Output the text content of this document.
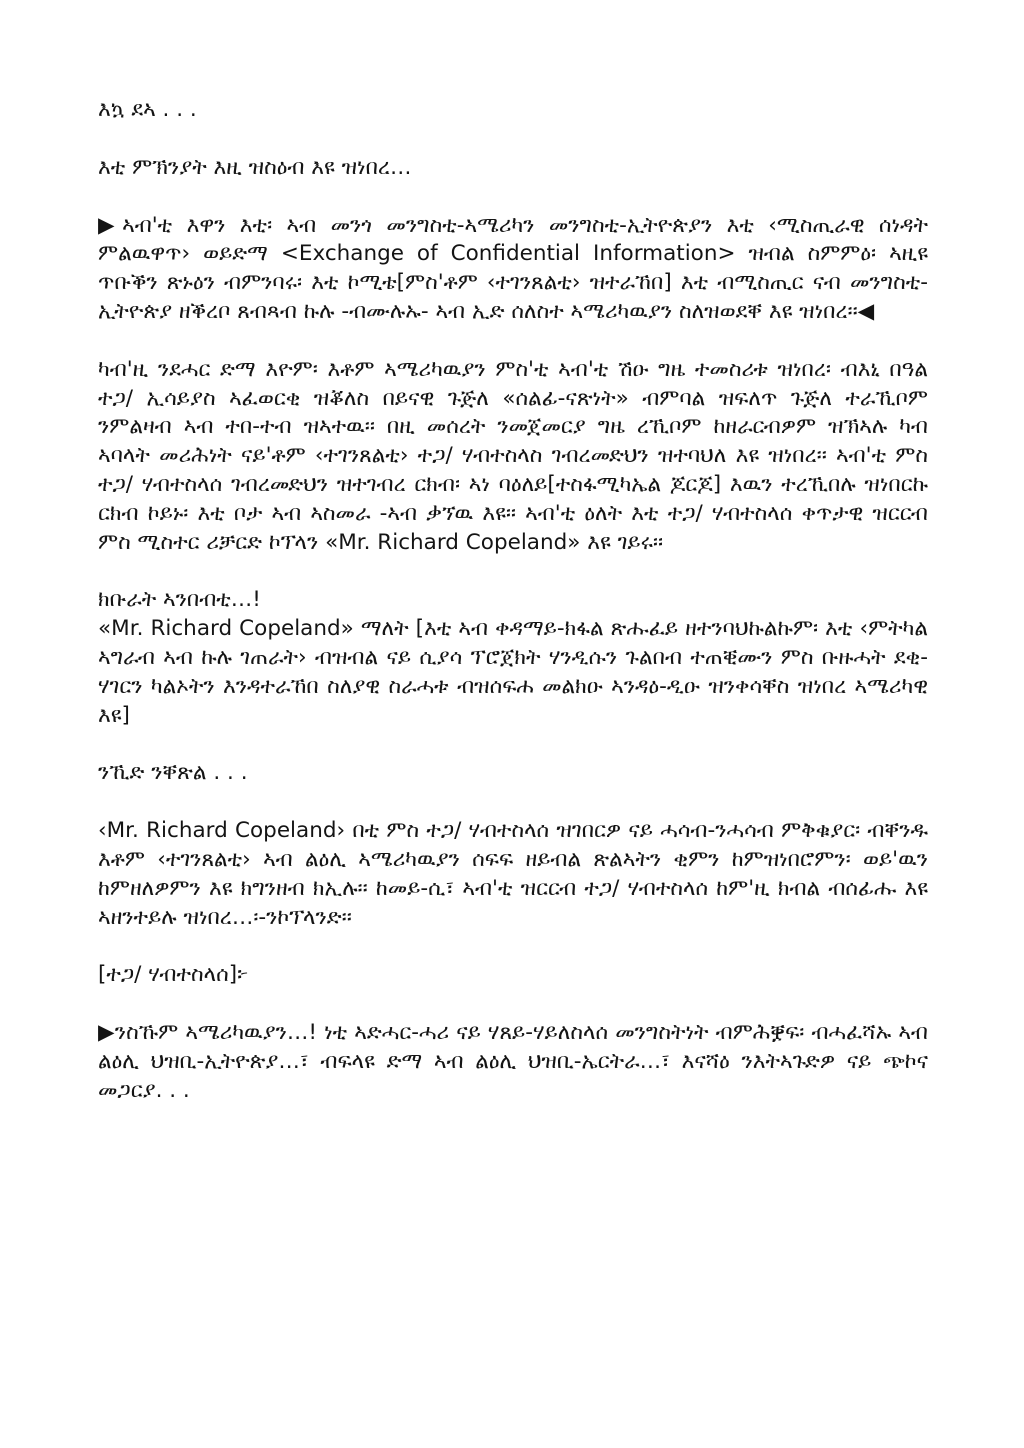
እኳ ደኣ . . .

እቲ ምኽንያት እዚ ዝስዕብ እዩ ዝነበረ…

▶ኣብ'ቲ እዋን እቲ፡ ኣብ መንጎ መንግስቲ-ኣሜሪካን መንግስቲ-ኢትዮጵያን እቲ ‹ሚስጢራዊ ሰነዳት ምልዉዋጥ› ወይድማ <Exchange of Confidential Information> ዝብል ስምምዕ፡ ኣዚዩ ጥቡቕን ጽኑዕን ብምንባሩ፡ እቲ ኮሚቴ[ምስ'ቶም ‹ተገንጸልቲ› ዝተራኸበ] እቲ ብሚስጢር ናብ መንግስቲ-ኢትዮጵያ ዘቕረቦ ጸብጻብ ኩሉ -ብሙሉኡ- ኣብ ኢድ ሰለስተ ኣሜሪካዉያን ስለዝወደቐ እዩ ዝነበረ፡፡◀

ካብ'ዚ ንደሓር ድማ እዮም፡ እቶም ኣሜሪካዉያን ምስ'ቲ ኣብ'ቲ ሽዑ ግዜ ተመስሪቱ ዝነበረ፡ ብእኒ በዓል ተጋ/ ኢሳይያስ ኣፈወርቂ ዝቖለስ በይናዊ ጉጅለ «ሰልፊ-ናጽነት» ብምባል ዝፍለጥ ጉጅለ ተራኺቦም ንምልዛብ ኣብ ተበ-ተብ ዝኣተዉ፡፡ በዚ መሰረት ንመጀመርያ ግዜ ረኺቦም ከዘራርብዎም ዝኽኣሉ ካብ ኣባላት መሪሕነት ናይ'ቶም ‹ተገንጸልቲ› ተጋ/ ሃብተስላስ ገብረመድህን ዝተባህለ እዩ ዝነበረ፡፡ ኣብ'ቲ ምስ ተጋ/ ሃብተስላሰ ገብረመድህን ዝተገብረ ርክብ፡ ኣነ ባዕለይ[ተስፋሚካኤል ጆርጆ] እዉን ተረኺበሉ ዝነበርኩ ርክብ ኮይኑ፡ እቲ ቦታ ኣብ ኣስመራ -ኣብ ቃኘዉ እዩ፡፡ ኣብ'ቲ ዕለት እቲ ተጋ/ ሃብተስላሰ ቀጥታዊ ዝርርብ ምስ ሚስተር ሪቻርድ ኮፕላን «Mr. Richard Copeland» እዩ ገይሩ፡፡

ክቡራት ኣንበብቲ…!

«Mr. Richard Copeland» ማለት [እቲ ኣብ ቀዳማይ-ክፋል ጽሑፈይ ዘተንባህኩልኩም፡ እቲ ‹ምትካል ኣግራብ ኣብ ኩሉ ገጠራት› ብዝብል ናይ ሲያሳ ፕሮጀክት ሃንዲሱን ጉልበብ ተጠቒሙን ምስ ቡዙሓት ደቂ-ሃገርን ካልኦትን እንዳተራኸበ ስለያዊ ስራሓቱ ብዝሰፍሐ መልክዑ ኣንዳዕ-ዲዑ ዝንቀሳቐስ ዝነበረ ኣሜሪካዊ እዩ]

ንኺድ ንቐጽል . . .

‹Mr. Richard Copeland› በቲ ምስ ተጋ/ ሃብተስላሰ ዝገበርዎ ናይ ሓሳብ-ንሓሳብ ምቅቁያር፡ ብቐንዱ እቶም ‹ተገንጸልቲ› ኣብ ልዕሊ ኣሜሪካዉያን ሰፍፍ ዘይብል ጽልኣትን ቂምን ከምዝነበሮምን፡ ወይ'ዉን ከምዘለዎምን እዩ ክግንዘብ ክኢሉ፡፡ ከመይ-ሲ፣ ኣብ'ቲ ዝርርብ ተጋ/ ሃብተስላሰ ከም'ዚ ክብል ብሰፊሑ እዩ ኣዘንተይሉ ዝነበረ…፡-ንኮፕላንድ፡፡

[ተጋ/ ሃብተስላሰ]፦

▶ንስኹም ኣሜሪካዉያን…! ነቲ ኣድሓር-ሓሪ ናይ ሃጸይ-ሃይለስላሰ መንግስትነት ብምሕቛፍ፡ ብሓፈሻኡ ኣብ ልዕሊ ህዝቢ-ኢትዮጵያ…፣ ብፍላዩ ድማ ኣብ ልዕሊ ህዝቢ-ኤርትራ…፣ እናሻዕ ንእትኣጉድዎ ናይ ጭኮና መጋርያ. . .
